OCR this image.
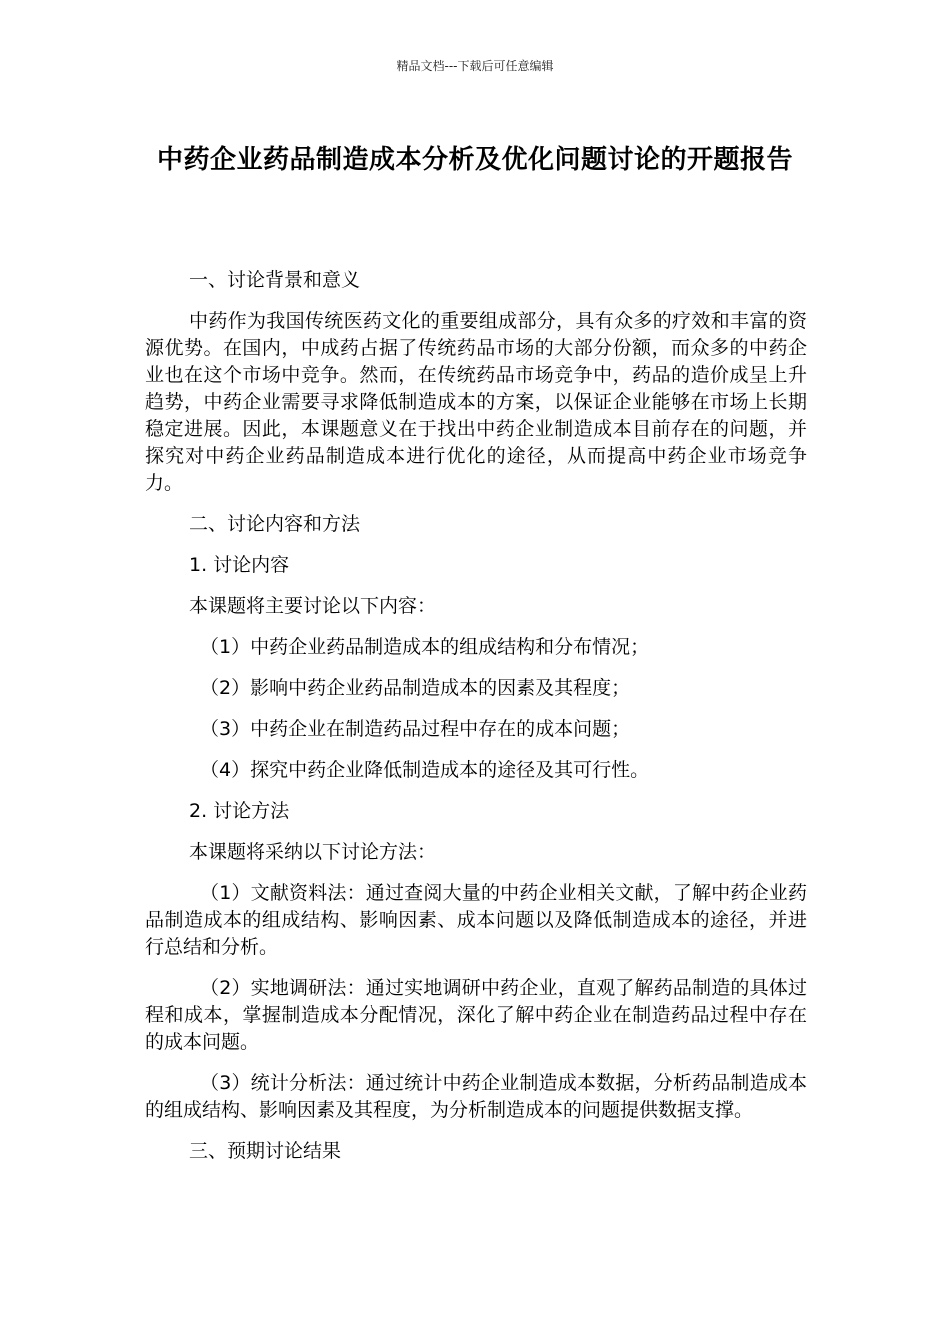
精品文档---下载后可任意编辑
中药企业药品制造成本分析及优化问题讨论的开题报告

一、讨论背景和意义

中药作为我国传统医药文化的重要组成部分，具有众多的疗效和丰富的资源优势。在国内，中成药占据了传统药品市场的大部分份额，而众多的中药企业也在这个市场中竞争。然而，在传统药品市场竞争中，药品的造价成呈上升趋势，中药企业需要寻求降低制造成本的方案，以保证企业能够在市场上长期稳定进展。因此，本课题意义在于找出中药企业制造成本目前存在的问题，并探究对中药企业药品制造成本进行优化的途径，从而提高中药企业市场竞争力。

二、讨论内容和方法

1. 讨论内容

本课题将主要讨论以下内容：

（1）中药企业药品制造成本的组成结构和分布情况；

（2）影响中药企业药品制造成本的因素及其程度；

（3）中药企业在制造药品过程中存在的成本问题；

（4）探究中药企业降低制造成本的途径及其可行性。

2. 讨论方法

本课题将采纳以下讨论方法：

（1）文献资料法：通过查阅大量的中药企业相关文献，了解中药企业药品制造成本的组成结构、影响因素、成本问题以及降低制造成本的途径，并进行总结和分析。

（2）实地调研法：通过实地调研中药企业，直观了解药品制造的具体过程和成本，掌握制造成本分配情况，深化了解中药企业在制造药品过程中存在的成本问题。

（3）统计分析法：通过统计中药企业制造成本数据，分析药品制造成本的组成结构、影响因素及其程度，为分析制造成本的问题提供数据支撑。

三、预期讨论结果
